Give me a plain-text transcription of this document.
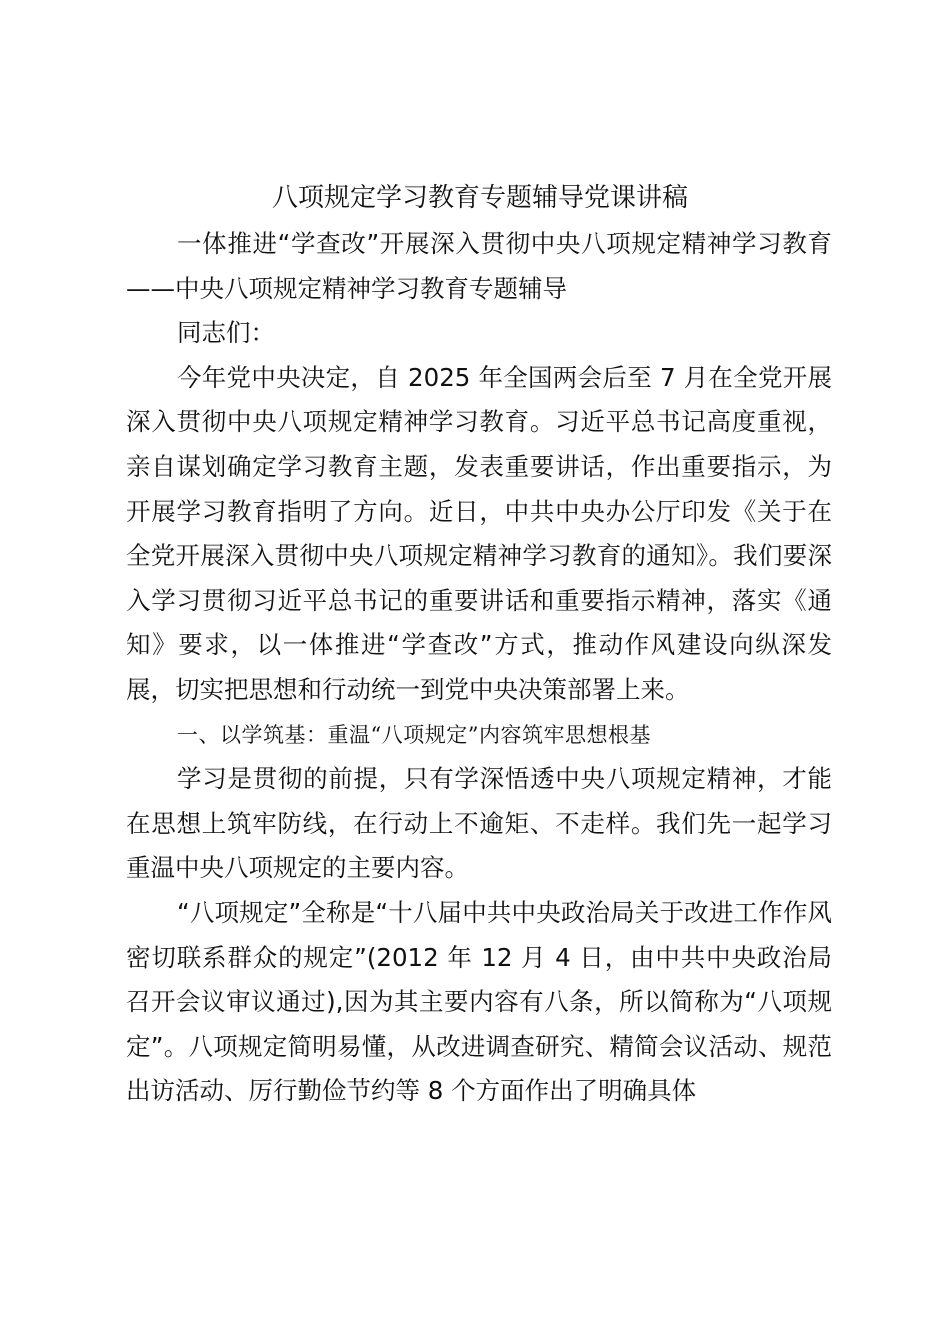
八项规定学习教育专题辅导党课讲稿

一体推进“学查改”开展深入贯彻中央八项规定精神学习教育——中央八项规定精神学习教育专题辅导

同志们：

今年党中央决定，自 2025 年全国两会后至 7 月在全党开展深入贯彻中央八项规定精神学习教育。习近平总书记高度重视，亲自谋划确定学习教育主题，发表重要讲话，作出重要指示，为开展学习教育指明了方向。近日，中共中央办公厅印发《关于在全党开展深入贯彻中央八项规定精神学习教育的通知》。我们要深入学习贯彻习近平总书记的重要讲话和重要指示精神，落实《通知》要求，以一体推进“学查改”方式，推动作风建设向纵深发展，切实把思想和行动统一到党中央决策部署上来。

一、以学筑基：重温“八项规定”内容筑牢思想根基

学习是贯彻的前提，只有学深悟透中央八项规定精神，才能在思想上筑牢防线，在行动上不逾矩、不走样。我们先一起学习重温中央八项规定的主要内容。

“八项规定”全称是“十八届中共中央政治局关于改进工作作风密切联系群众的规定”(2012 年 12 月 4 日，由中共中央政治局召开会议审议通过),因为其主要内容有八条，所以简称为“八项规定”。八项规定简明易懂，从改进调查研究、精简会议活动、规范出访活动、厉行勤俭节约等 8 个方面作出了明确具体
